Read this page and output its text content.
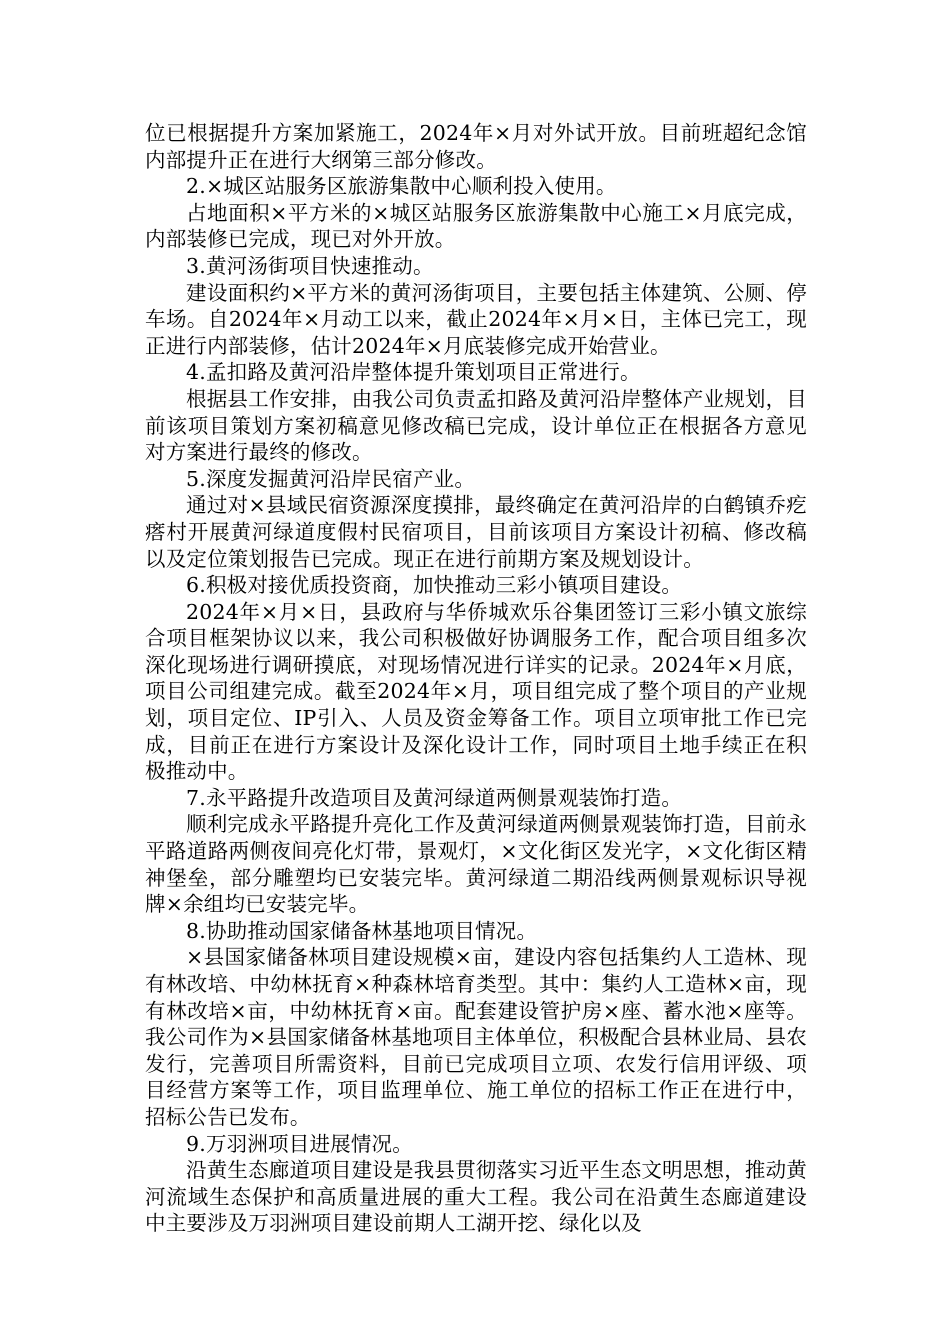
位已根据提升方案加紧施工，2024年×月对外试开放。目前班超纪念馆内部提升正在进行大纲第三部分修改。

2.×城区站服务区旅游集散中心顺利投入使用。

占地面积×平方米的×城区站服务区旅游集散中心施工×月底完成，内部装修已完成，现已对外开放。

3.黄河汤街项目快速推动。

建设面积约×平方米的黄河汤街项目，主要包括主体建筑、公厕、停车场。自2024年×月动工以来，截止2024年×月×日，主体已完工，现正进行内部装修，估计2024年×月底装修完成开始营业。

4.孟扣路及黄河沿岸整体提升策划项目正常进行。

根据县工作安排，由我公司负责孟扣路及黄河沿岸整体产业规划，目前该项目策划方案初稿意见修改稿已完成，设计单位正在根据各方意见对方案进行最终的修改。

5.深度发掘黄河沿岸民宿产业。

通过对×县域民宿资源深度摸排，最终确定在黄河沿岸的白鹤镇乔疙瘩村开展黄河绿道度假村民宿项目，目前该项目方案设计初稿、修改稿以及定位策划报告已完成。现正在进行前期方案及规划设计。

6.积极对接优质投资商，加快推动三彩小镇项目建设。

2024年×月×日，县政府与华侨城欢乐谷集团签订三彩小镇文旅综合项目框架协议以来，我公司积极做好协调服务工作，配合项目组多次深化现场进行调研摸底，对现场情况进行详实的记录。2024年×月底，项目公司组建完成。截至2024年×月，项目组完成了整个项目的产业规划，项目定位、IP引入、人员及资金筹备工作。项目立项审批工作已完成，目前正在进行方案设计及深化设计工作，同时项目土地手续正在积极推动中。

7.永平路提升改造项目及黄河绿道两侧景观装饰打造。

顺利完成永平路提升亮化工作及黄河绿道两侧景观装饰打造，目前永平路道路两侧夜间亮化灯带，景观灯，×文化街区发光字，×文化街区精神堡垒，部分雕塑均已安装完毕。黄河绿道二期沿线两侧景观标识导视牌×余组均已安装完毕。

8.协助推动国家储备林基地项目情况。

×县国家储备林项目建设规模×亩，建设内容包括集约人工造林、现有林改培、中幼林抚育×种森林培育类型。其中：集约人工造林×亩，现有林改培×亩，中幼林抚育×亩。配套建设管护房×座、蓄水池×座等。我公司作为×县国家储备林基地项目主体单位，积极配合县林业局、县农发行，完善项目所需资料，目前已完成项目立项、农发行信用评级、项目经营方案等工作，项目监理单位、施工单位的招标工作正在进行中，招标公告已发布。

9.万羽洲项目进展情况。

沿黄生态廊道项目建设是我县贯彻落实习近平生态文明思想，推动黄河流域生态保护和高质量进展的重大工程。我公司在沿黄生态廊道建设中主要涉及万羽洲项目建设前期人工湖开挖、绿化以及
